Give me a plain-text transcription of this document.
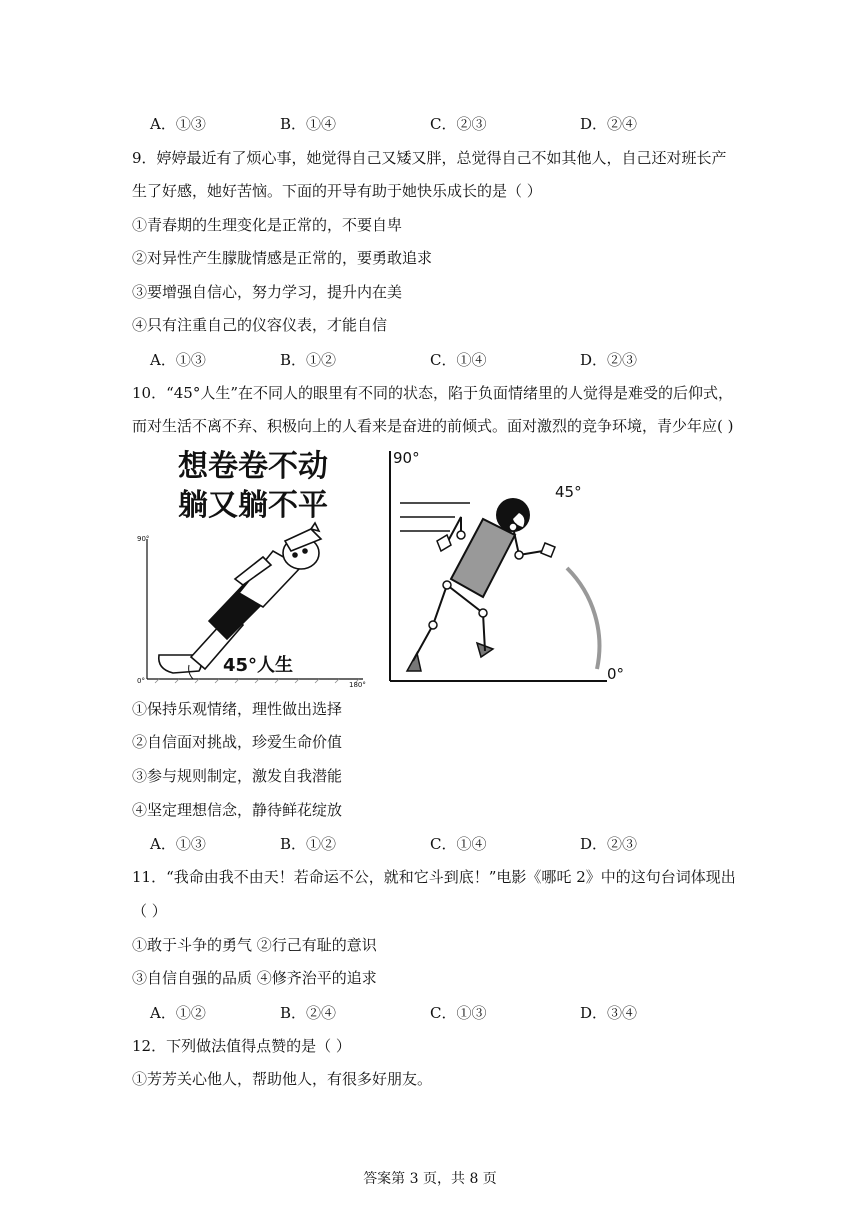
A．①③	B．①④	C．②③	D．②④
9．婷婷最近有了烦心事，她觉得自己又矮又胖，总觉得自己不如其他人，自己还对班长产
生了好感，她好苦恼。下面的开导有助于她快乐成长的是（ ）
①青春期的生理变化是正常的，不要自卑
②对异性产生朦胧情感是正常的，要勇敢追求
③要增强自信心，努力学习，提升内在美
④只有注重自己的仪容仪表，才能自信
A．①③	B．①②	C．①④	D．②③
10．“45°人生”在不同人的眼里有不同的状态，陷于负面情绪里的人觉得是难受的后仰式，
而对生活不离不弃、积极向上的人看来是奋进的前倾式。面对激烈的竞争环境，青少年应( )
想卷卷不动
躺又躺不平
90°
0°	180°
45°人生
90°
45°
0°
①保持乐观情绪，理性做出选择
②自信面对挑战，珍爱生命价值
③参与规则制定，激发自我潜能
④坚定理想信念，静待鲜花绽放
A．①③	B．①②	C．①④	D．②③
11．“我命由我不由天！若命运不公，就和它斗到底！”电影《哪吒 2》中的这句台词体现出
（ ）
①敢于斗争的勇气 ②行己有耻的意识
③自信自强的品质 ④修齐治平的追求
A．①②	B．②④	C．①③	D．③④
12．下列做法值得点赞的是（ ）
①芳芳关心他人，帮助他人，有很多好朋友。
答案第 3 页，共 8 页
